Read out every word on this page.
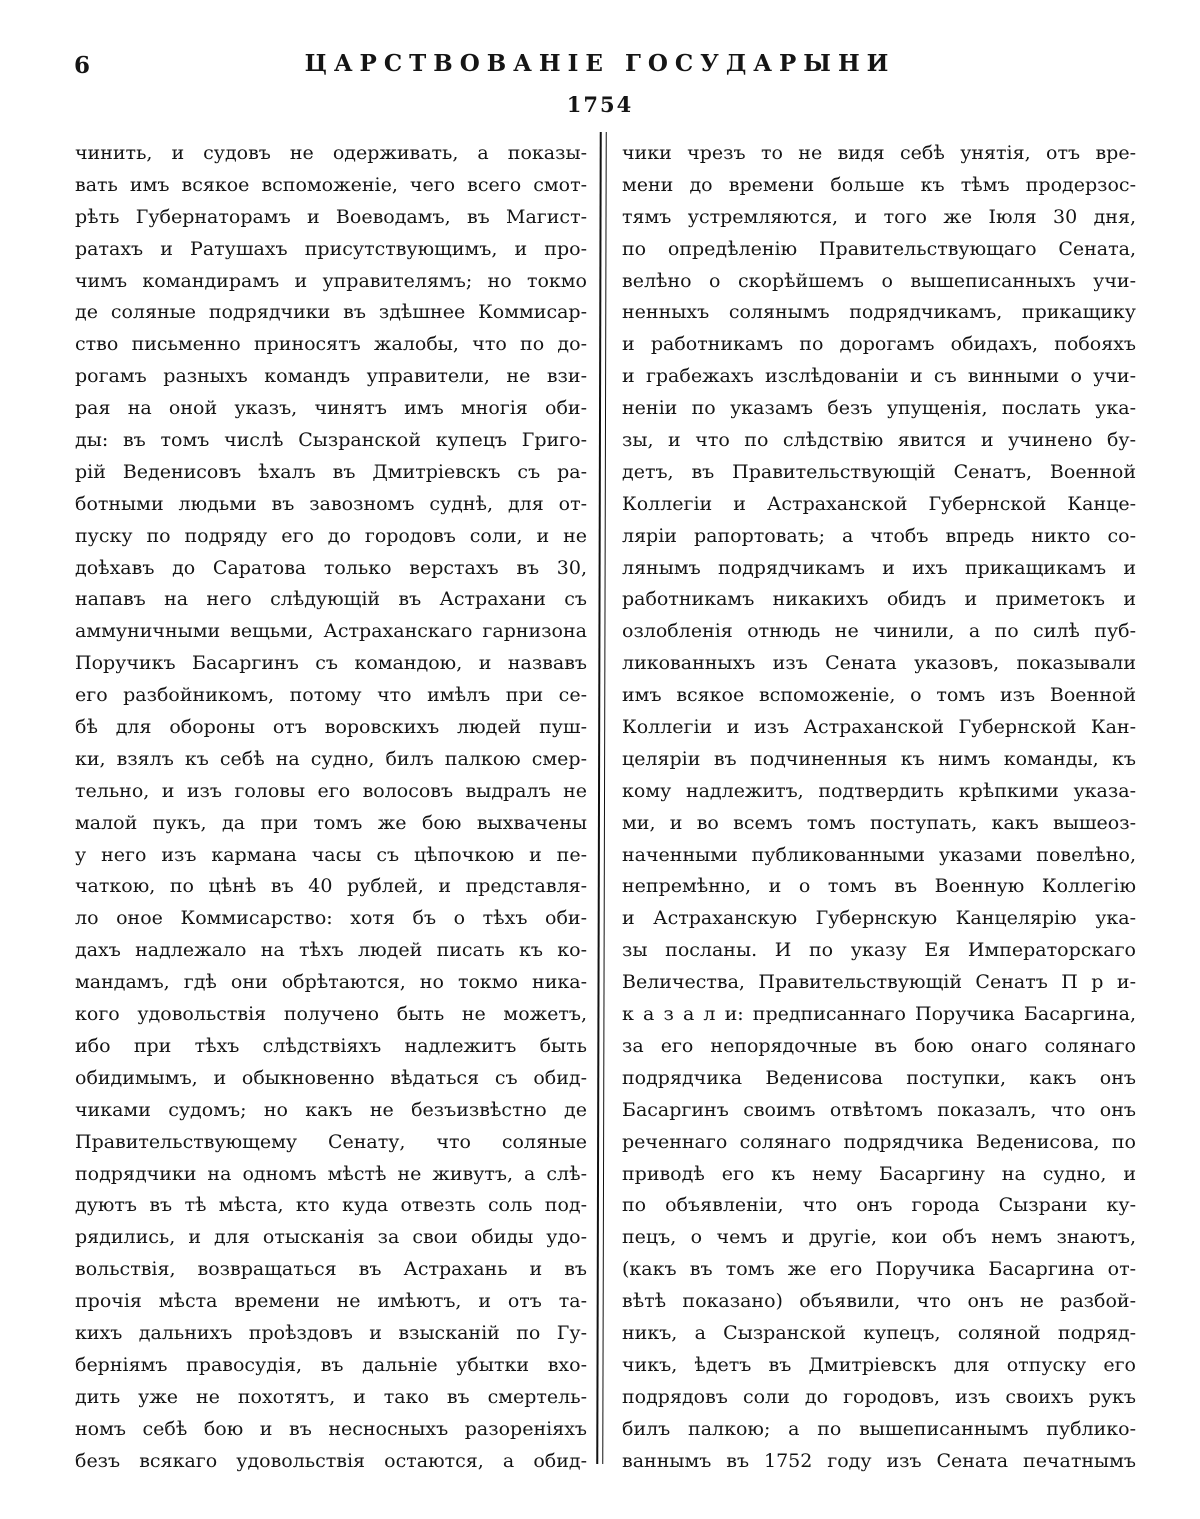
6	ЦАРСТВОВАНІЕ ГОСУДАРЫНИ
1754
чинить, и судовъ не одерживать, а показы-
вать имъ всякое вспоможеніе, чего всего смот-
рѣть Губернаторамъ и Воеводамъ, въ Магист-
ратахъ и Ратушахъ присутствующимъ, и про-
чимъ командирамъ и управителямъ; но токмо
де соляные подрядчики въ здѣшнее Коммисар-
ство письменно приносятъ жалобы, что по до-
рогамъ разныхъ командъ управители, не взи-
рая на оной указъ, чинятъ имъ многія оби-
ды: въ томъ числѣ Сызранской купецъ Григо-
рій Веденисовъ ѣхалъ въ Дмитріевскъ съ ра-
ботными людьми въ завозномъ суднѣ, для от-
пуску по подряду его до городовъ соли, и не
доѣхавъ до Саратова только верстахъ въ 30,
напавъ на него слѣдующій въ Астрахани съ
аммуничными вещьми, Астраханскаго гарнизона
Поручикъ Басаргинъ съ командою, и назвавъ
его разбойникомъ, потому что имѣлъ при се-
бѣ для обороны отъ воровскихъ людей пуш-
ки, взялъ къ себѣ на судно, билъ палкою смер-
тельно, и изъ головы его волосовъ выдралъ не
малой пукъ, да при томъ же бою выхвачены
у него изъ кармана часы съ цѣпочкою и пе-
чаткою, по цѣнѣ въ 40 рублей, и представля-
ло оное Коммисарство: хотя бъ о тѣхъ оби-
дахъ надлежало на тѣхъ людей писать къ ко-
мандамъ, гдѣ они обрѣтаются, но токмо ника-
кого удовольствія получено быть не можетъ,
ибо при тѣхъ слѣдствіяхъ надлежитъ быть
обидимымъ, и обыкновенно вѣдаться съ обид-
чиками судомъ; но какъ не безъизвѣстно де
Правительствующему Сенату, что соляные
подрядчики на одномъ мѣстѣ не живутъ, а слѣ-
дуютъ въ тѣ мѣста, кто куда отвезть соль под-
рядились, и для отысканія за свои обиды удо-
вольствія, возвращаться въ Астрахань и въ
прочія мѣста времени не имѣютъ, и отъ та-
кихъ дальнихъ проѣздовъ и взысканій по Гу-
берніямъ правосудія, въ дальніе убытки вхо-
дить уже не похотятъ, и тако въ смертель-
номъ себѣ бою и въ несносныхъ разореніяхъ
безъ всякаго удовольствія остаются, а обид-
чики чрезъ то не видя себѣ унятія, отъ вре-
мени до времени больше къ тѣмъ продерзос-
тямъ устремляются, и того же Іюля 30 дня,
по опредѣленію Правительствующаго Сената,
велѣно о скорѣйшемъ о вышеписанныхъ учи-
ненныхъ солянымъ подрядчикамъ, прикащику
и работникамъ по дорогамъ обидахъ, побояхъ
и грабежахъ изслѣдованіи и съ винными о учи-
неніи по указамъ безъ упущенія, послать ука-
зы, и что по слѣдствію явится и учинено бу-
детъ, въ Правительствующій Сенатъ, Военной
Коллегіи и Астраханской Губернской Канце-
ляріи рапортовать; а чтобъ впредь никто со-
лянымъ подрядчикамъ и ихъ прикащикамъ и
работникамъ никакихъ обидъ и приметокъ и
озлобленія отнюдь не чинили, а по силѣ пуб-
ликованныхъ изъ Сената указовъ, показывали
имъ всякое вспоможеніе, о томъ изъ Военной
Коллегіи и изъ Астраханской Губернской Кан-
целяріи въ подчиненныя къ нимъ команды, къ
кому надлежитъ, подтвердить крѣпкими указа-
ми, и во всемъ томъ поступать, какъ вышеоз-
наченными публикованными указами повелѣно,
непремѣнно, и о томъ въ Военную Коллегію
и Астраханскую Губернскую Канцелярію ука-
зы посланы. И по указу Ея Императорскаго
Величества, Правительствующій Сенатъ П р и-
к а з а л и: предписаннаго Поручика Басаргина,
за его непорядочные въ бою онаго солянаго
подрядчика Веденисова поступки, какъ онъ
Басаргинъ своимъ отвѣтомъ показалъ, что онъ
реченнаго солянаго подрядчика Веденисова, по
приводѣ его къ нему Басаргину на судно, и
по объявленіи, что онъ города Сызрани ку-
пецъ, о чемъ и другіе, кои объ немъ знаютъ,
(какъ въ томъ же его Поручика Басаргина от-
вѣтѣ показано) объявили, что онъ не разбой-
никъ, а Сызранской купецъ, соляной подряд-
чикъ, ѣдетъ въ Дмитріевскъ для отпуску его
подрядовъ соли до городовъ, изъ своихъ рукъ
билъ палкою; а по вышеписаннымъ публико-
ваннымъ въ 1752 году изъ Сената печатнымъ
